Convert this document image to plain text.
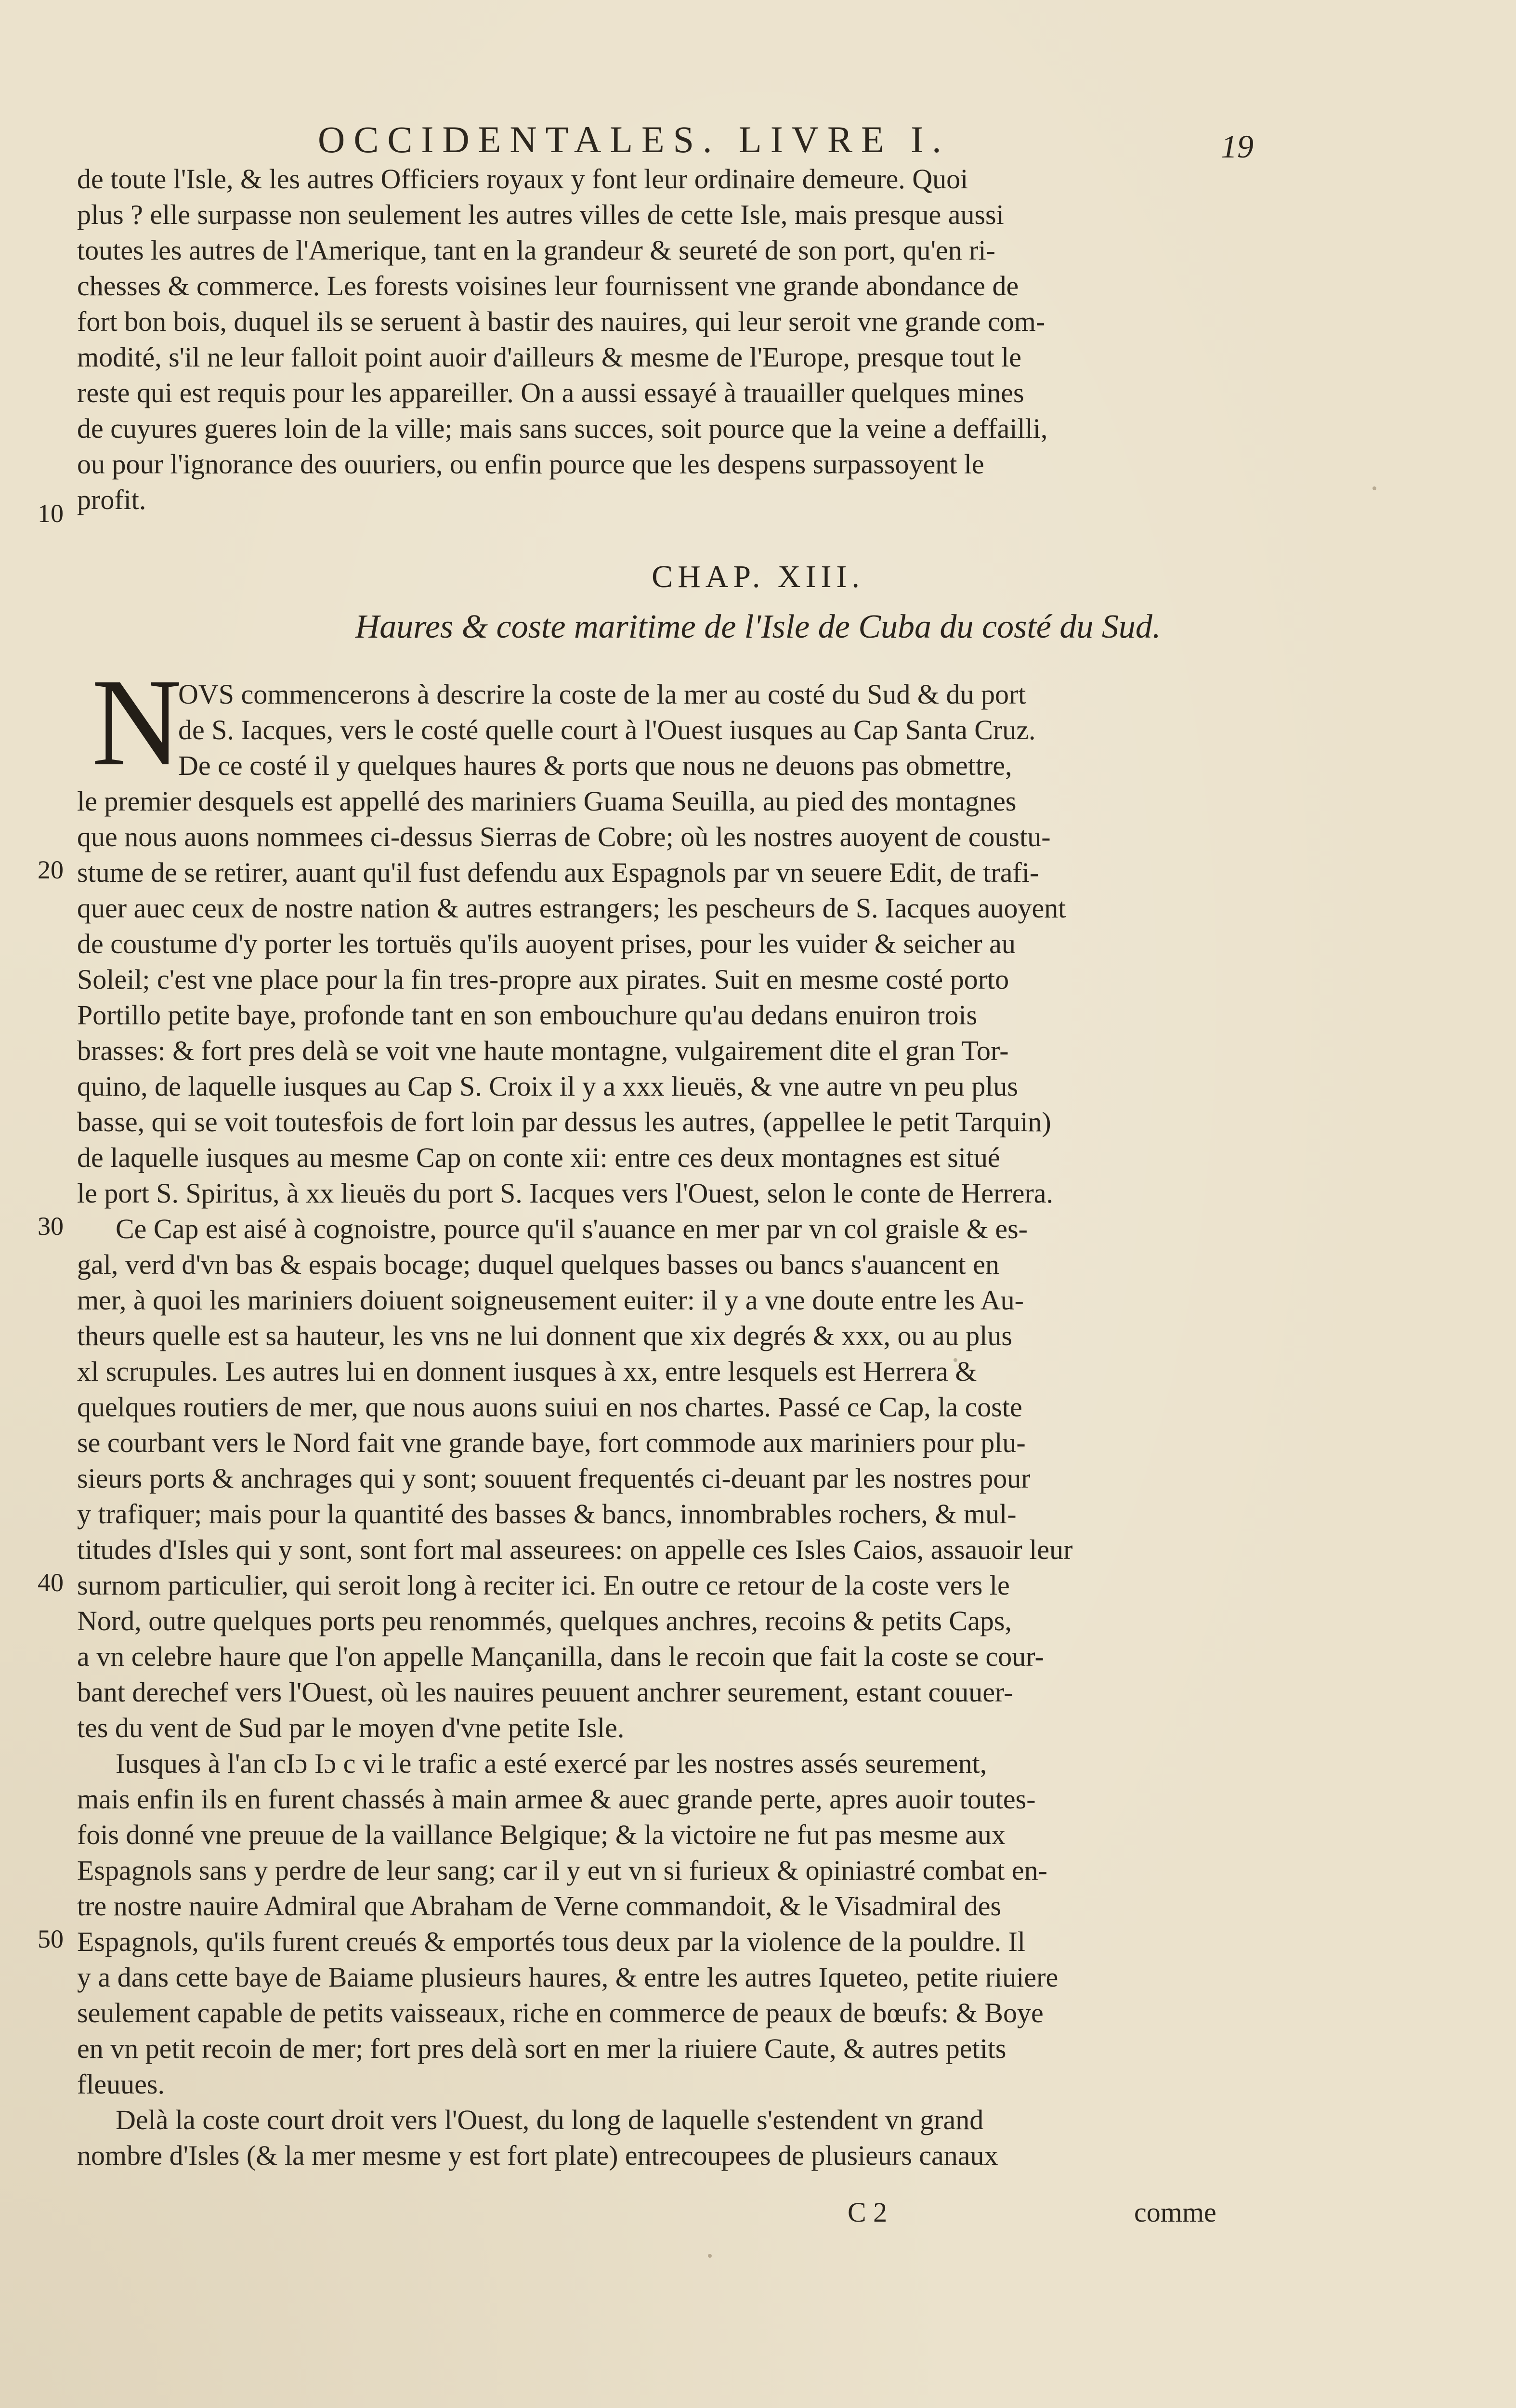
OCCIDENTALES. LIVRE I.	19
de toute l'Isle, & les autres Officiers royaux y font leur ordinaire demeure. Quoi
plus ? elle surpasse non seulement les autres villes de cette Isle, mais presque aussi
toutes les autres de l'Amerique, tant en la grandeur & seureté de son port, qu'en ri-
chesses & commerce. Les forests voisines leur fournissent vne grande abondance de
fort bon bois, duquel ils se seruent à bastir des nauires, qui leur seroit vne grande com-
modité, s'il ne leur falloit point auoir d'ailleurs & mesme de l'Europe, presque tout le
reste qui est requis pour les appareiller. On a aussi essayé à trauailler quelques mines
de cuyures gueres loin de la ville; mais sans succes, soit pource que la veine a deffailli,
ou pour l'ignorance des ouuriers, ou enfin pource que les despens surpassoyent le
profit.
10
CHAP. XIII.
Haures & coste maritime de l'Isle de Cuba du costé du Sud.
N
OVS commencerons à descrire la coste de la mer au costé du Sud & du port
de S. Iacques, vers le costé quelle court à l'Ouest iusques au Cap Santa Cruz.
De ce costé il y quelques haures & ports que nous ne deuons pas obmettre,
le premier desquels est appellé des mariniers Guama Seuilla, au pied des montagnes
que nous auons nommees ci-dessus Sierras de Cobre; où les nostres auoyent de coustu-
stume de se retirer, auant qu'il fust defendu aux Espagnols par vn seuere Edit, de trafi-
quer auec ceux de nostre nation & autres estrangers; les pescheurs de S. Iacques auoyent
de coustume d'y porter les tortuës qu'ils auoyent prises, pour les vuider & seicher au
Soleil; c'est vne place pour la fin tres-propre aux pirates. Suit en mesme costé porto
Portillo petite baye, profonde tant en son embouchure qu'au dedans enuiron trois
brasses: & fort pres delà se voit vne haute montagne, vulgairement dite el gran Tor-
quino, de laquelle iusques au Cap S. Croix il y a xxx lieuës, & vne autre vn peu plus
basse, qui se voit toutesfois de fort loin par dessus les autres, (appellee le petit Tarquin)
de laquelle iusques au mesme Cap on conte xii: entre ces deux montagnes est situé
le port S. Spiritus, à xx lieuës du port S. Iacques vers l'Ouest, selon le conte de Herrera.
Ce Cap est aisé à cognoistre, pource qu'il s'auance en mer par vn col graisle & es-
gal, verd d'vn bas & espais bocage; duquel quelques basses ou bancs s'auancent en
mer, à quoi les mariniers doiuent soigneusement euiter: il y a vne doute entre les Au-
theurs quelle est sa hauteur, les vns ne lui donnent que xix degrés & xxx, ou au plus
xl scrupules. Les autres lui en donnent iusques à xx, entre lesquels est Herrera &
quelques routiers de mer, que nous auons suiui en nos chartes. Passé ce Cap, la coste
se courbant vers le Nord fait vne grande baye, fort commode aux mariniers pour plu-
sieurs ports & anchrages qui y sont; souuent frequentés ci-deuant par les nostres pour
y trafiquer; mais pour la quantité des basses & bancs, innombrables rochers, & mul-
titudes d'Isles qui y sont, sont fort mal asseurees: on appelle ces Isles Caios, assauoir leur
surnom particulier, qui seroit long à reciter ici. En outre ce retour de la coste vers le
Nord, outre quelques ports peu renommés, quelques anchres, recoins & petits Caps,
a vn celebre haure que l'on appelle Mançanilla, dans le recoin que fait la coste se cour-
bant derechef vers l'Ouest, où les nauires peuuent anchrer seurement, estant couuer-
tes du vent de Sud par le moyen d'vne petite Isle.
Iusques à l'an cIɔ Iɔ c vi le trafic a esté exercé par les nostres assés seurement,
mais enfin ils en furent chassés à main armee & auec grande perte, apres auoir toutes-
fois donné vne preuue de la vaillance Belgique; & la victoire ne fut pas mesme aux
Espagnols sans y perdre de leur sang; car il y eut vn si furieux & opiniastré combat en-
tre nostre nauire Admiral que Abraham de Verne commandoit, & le Visadmiral des
Espagnols, qu'ils furent creués & emportés tous deux par la violence de la pouldre. Il
y a dans cette baye de Baiame plusieurs haures, & entre les autres Iqueteo, petite riuiere
seulement capable de petits vaisseaux, riche en commerce de peaux de bœufs: & Boye
en vn petit recoin de mer; fort pres delà sort en mer la riuiere Caute, & autres petits
fleuues.
Delà la coste court droit vers l'Ouest, du long de laquelle s'estendent vn grand
nombre d'Isles (& la mer mesme y est fort plate) entrecoupees de plusieurs canaux
20
30
40
50
C 2	comme
